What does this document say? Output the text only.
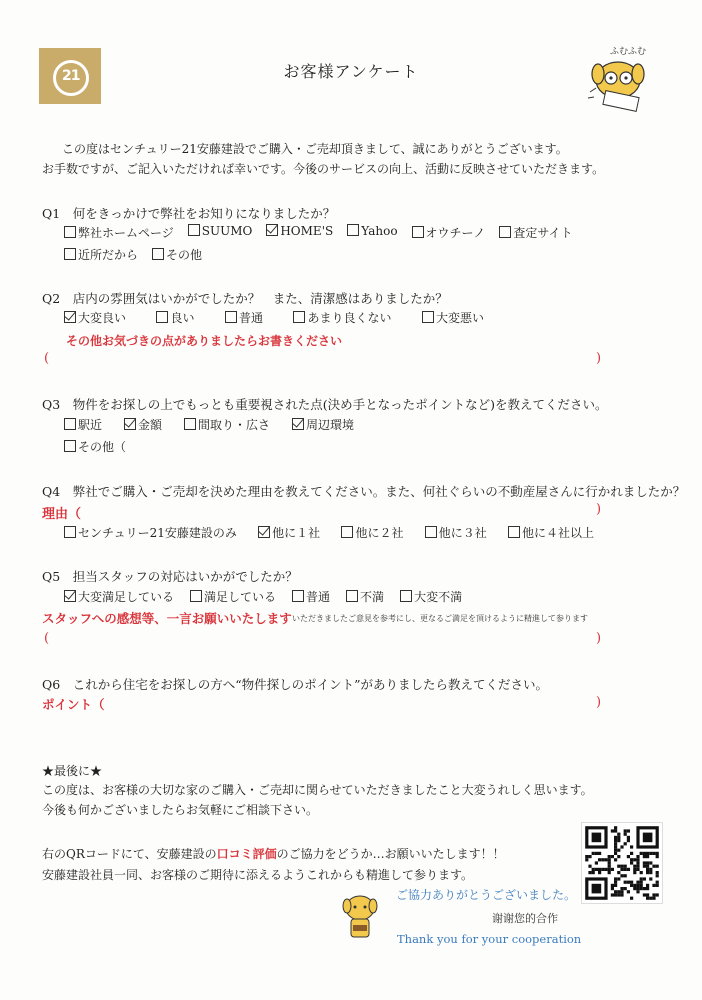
21	お客様アンケート
ふむふむ
この度はセンチュリー21安藤建設でご購入・ご売却頂きまして、誠にありがとうございます。
お手数ですが、ご記入いただければ幸いです。今後のサービスの向上、活動に反映させていただきます。
Q1　何をきっかけで弊社をお知りになりましたか？
弊社ホームページ	SUUMO	HOME'S	Yahoo	オウチーノ	査定サイト
近所だから	その他
Q2　店内の雰囲気はいかがでしたか？　また、清潔感はありましたか？
大変良い	良い	普通	あまり良くない	大変悪い
その他お気づきの点がありましたらお書きください
(	)
Q3　物件をお探しの上でもっとも重要視された点(決め手となったポイントなど)を教えてください。
駅近	金額	間取り・広さ	周辺環境
その他（
Q4　弊社でご購入・ご売却を決めた理由を教えてください。また、何社ぐらいの不動産屋さんに行かれましたか？
理由（	)
センチュリー21安藤建設のみ	他に１社	他に２社	他に３社	他に４社以上
Q5　担当スタッフの対応はいかがでしたか？
大変満足している	満足している	普通	不満	大変不満
スタッフへの感想等、一言お願いいたします いただきましたご意見を参考にし、更なるご満足を頂けるように精進して参ります
(	)
Q6　これから住宅をお探しの方へ“物件探しのポイント”がありましたら教えてください。
ポイント（	)
★最後に★
この度は、お客様の大切な家のご購入・ご売却に関らせていただきましたこと大変うれしく思います。
今後も何かございましたらお気軽にご相談下さい。
右のQRコードにて、安藤建設の口コミ評価のご協力をどうか…お願いいたします！！
安藤建設社員一同、お客様のご期待に添えるようこれからも精進して参ります。
ご協力ありがとうございました。
谢谢您的合作
Thank you for your cooperation
